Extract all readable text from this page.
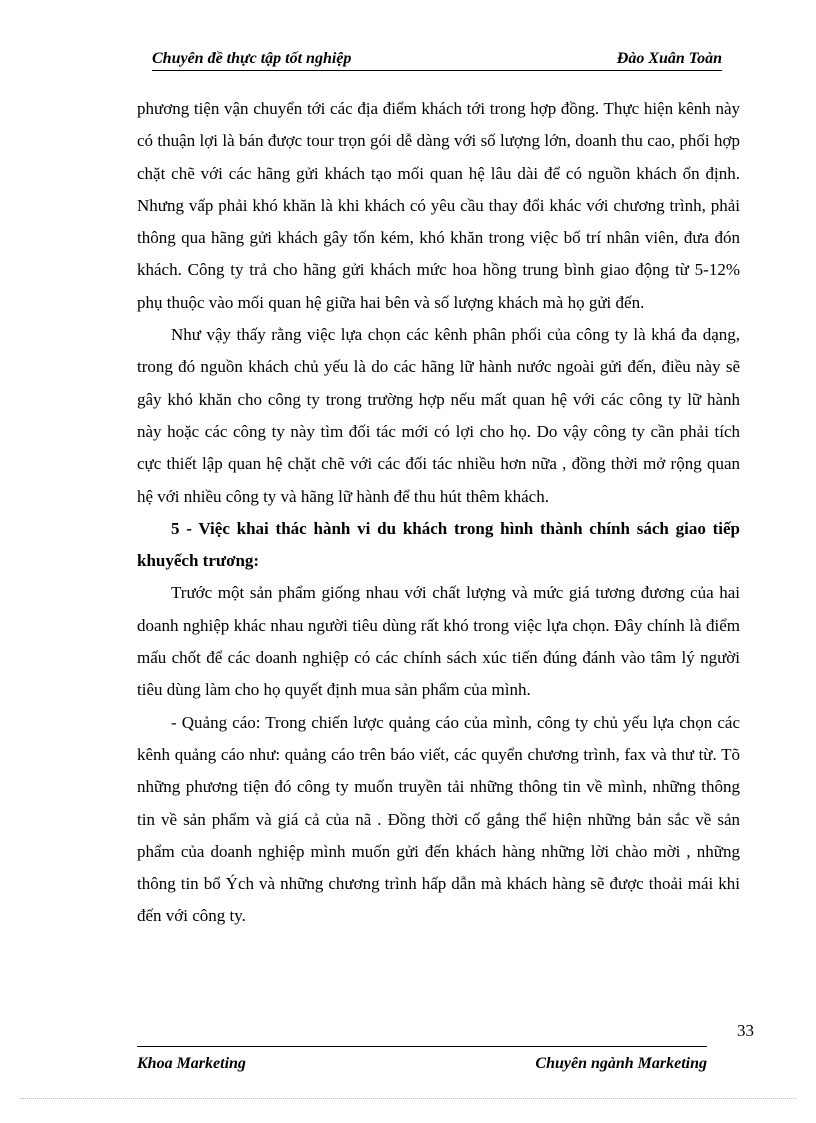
Chuyên đề thực tập tốt nghiệp	Đào Xuân Toàn

phương tiện vận chuyển tới các địa điểm khách tới trong hợp đồng. Thực hiện kênh này có thuận lợi là bán được tour trọn gói dễ dàng với số lượng lớn, doanh thu cao, phối hợp chặt chẽ với các hãng gửi khách tạo mối quan hệ lâu dài để có nguồn khách ổn định. Nhưng vấp phải khó khăn là khi khách có yêu cầu thay đổi khác với chương trình, phải thông qua hãng gửi khách gây tốn kém, khó khăn trong việc bố trí nhân viên, đưa đón khách. Công ty trả cho hãng gửi khách mức hoa hồng trung bình giao động từ 5-12% phụ thuộc vào mối quan hệ giữa hai bên và số lượng khách mà họ gửi đến.

Như vậy thấy rằng việc lựa chọn các kênh phân phối của công ty là khá đa dạng, trong đó nguồn khách chủ yếu là do các hãng lữ hành nước ngoài gửi đến, điều này sẽ gây khó khăn cho công ty trong trường hợp nếu mất quan hệ với các công ty lữ hành này hoặc các công ty này tìm đối tác mới có lợi cho họ. Do vậy công ty cần phải tích cực thiết lập quan hệ chặt chẽ với các đối tác nhiều hơn nữa , đồng thời mở rộng quan hệ với nhiều công ty và hãng lữ hành để thu hút thêm khách.

5 - Việc khai thác hành vi du khách trong hình thành chính sách giao tiếp khuyếch trương:

Trước một sản phẩm giống nhau với chất lượng và mức giá tương đương của hai doanh nghiệp khác nhau người tiêu dùng rất khó trong việc lựa chọn. Đây chính là điểm mấu chốt để các doanh nghiệp có các chính sách xúc tiến đúng đánh vào tâm lý người tiêu dùng làm cho họ quyết định mua sản phẩm của mình.

- Quảng cáo: Trong chiến lược quảng cáo của mình, công ty chủ yếu lựa chọn các kênh quảng cáo như: quảng cáo trên báo viết, các quyển chương trình, fax và thư từ. Tõ những phương tiện đó công ty muốn truyền tải những thông tin về mình, những thông tin về sản phẩm và giá cả của nã . Đồng thời cố gắng thể hiện những bản sắc về sản phẩm của doanh nghiệp mình muốn gửi đến khách hàng những lời chào mời , những thông tin bổ Ých và những chương trình hấp dẫn mà khách hàng sẽ được thoải mái khi đến với công ty.

33
Khoa Marketing	Chuyên ngành Marketing
